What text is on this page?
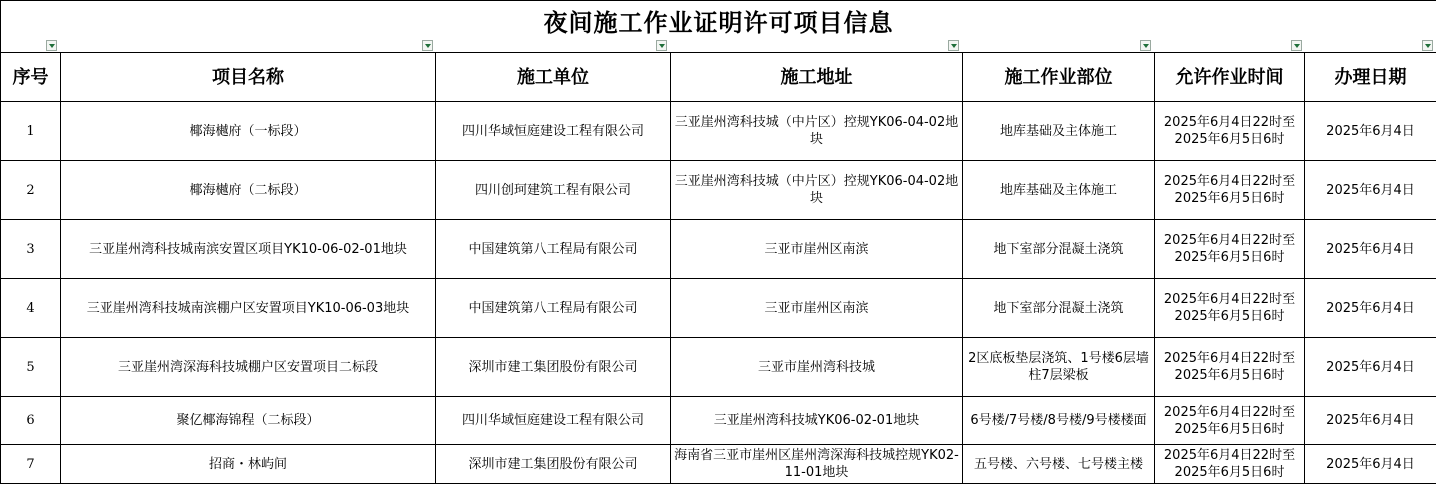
夜间施工作业证明许可项目信息						

序号	项目名称	施工单位	施工地址	施工作业部位	允许作业时间	办理日期
1	椰海樾府（一标段）	四川华域恒庭建设工程有限公司	三亚崖州湾科技城（中片区）控规YK06-04-02地块	地库基础及主体施工	2025年6月4日22时至2025年6月5日6时	2025年6月4日
2	椰海樾府（二标段）	四川创珂建筑工程有限公司	三亚崖州湾科技城（中片区）控规YK06-04-02地块	地库基础及主体施工	2025年6月4日22时至2025年6月5日6时	2025年6月4日
3	三亚崖州湾科技城南滨安置区项目YK10-06-02-01地块	中国建筑第八工程局有限公司	三亚市崖州区南滨	地下室部分混凝土浇筑	2025年6月4日22时至2025年6月5日6时	2025年6月4日
4	三亚崖州湾科技城南滨棚户区安置项目YK10-06-03地块	中国建筑第八工程局有限公司	三亚市崖州区南滨	地下室部分混凝土浇筑	2025年6月4日22时至2025年6月5日6时	2025年6月4日
5	三亚崖州湾深海科技城棚户区安置项目二标段	深圳市建工集团股份有限公司	三亚市崖州湾科技城	2区底板垫层浇筑、1号楼6层墙柱7层梁板	2025年6月4日22时至2025年6月5日6时	2025年6月4日
6	聚亿椰海锦程（二标段）	四川华域恒庭建设工程有限公司	三亚崖州湾科技城YK06-02-01地块	6号楼/7号楼/8号楼/9号楼楼面	2025年6月4日22时至2025年6月5日6时	2025年6月4日
7	招商・林屿间	深圳市建工集团股份有限公司	海南省三亚市崖州区崖州湾深海科技城控规YK02-11-01地块	五号楼、六号楼、七号楼主楼	2025年6月4日22时至2025年6月5日6时	2025年6月4日
